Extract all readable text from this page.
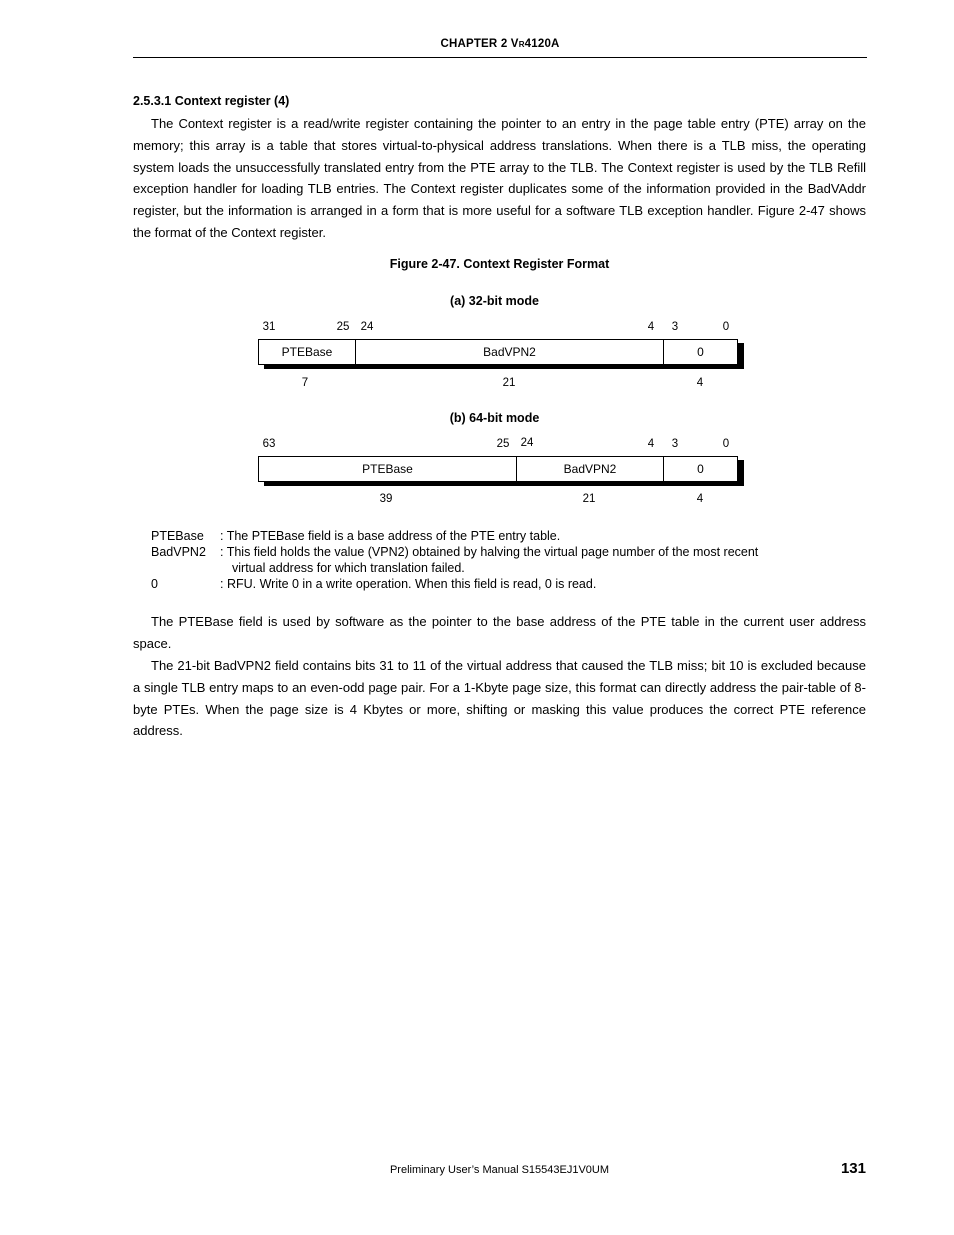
CHAPTER 2 VR4120A
2.5.3.1 Context register (4)

The Context register is a read/write register containing the pointer to an entry in the page table entry (PTE) array on the memory; this array is a table that stores virtual-to-physical address translations. When there is a TLB miss, the operating system loads the unsuccessfully translated entry from the PTE array to the TLB. The Context register is used by the TLB Refill exception handler for loading TLB entries. The Context register duplicates some of the information provided in the BadVAddr register, but the information is arranged in a form that is more useful for a software TLB exception handler. Figure 2-47 shows the format of the Context register.

Figure 2-47. Context Register Format
(a) 32-bit mode
31	25 24	4 3	0
PTEBase	BadVPN2	0
7	21	4
(b) 64-bit mode
63	25 24	4 3	0
PTEBase	BadVPN2	0
39	21	4
PTEBase : The PTEBase field is a base address of the PTE entry table.
BadVPN2 : This field holds the value (VPN2) obtained by halving the virtual page number of the most recent
virtual address for which translation failed.
0	: RFU. Write 0 in a write operation. When this field is read, 0 is read.

The PTEBase field is used by software as the pointer to the base address of the PTE table in the current user address space.

The 21-bit BadVPN2 field contains bits 31 to 11 of the virtual address that caused the TLB miss; bit 10 is excluded because a single TLB entry maps to an even-odd page pair. For a 1-Kbyte page size, this format can directly address the pair-table of 8-byte PTEs. When the page size is 4 Kbytes or more, shifting or masking this value produces the correct PTE reference address.

Preliminary User’s Manual S15543EJ1V0UM	131
